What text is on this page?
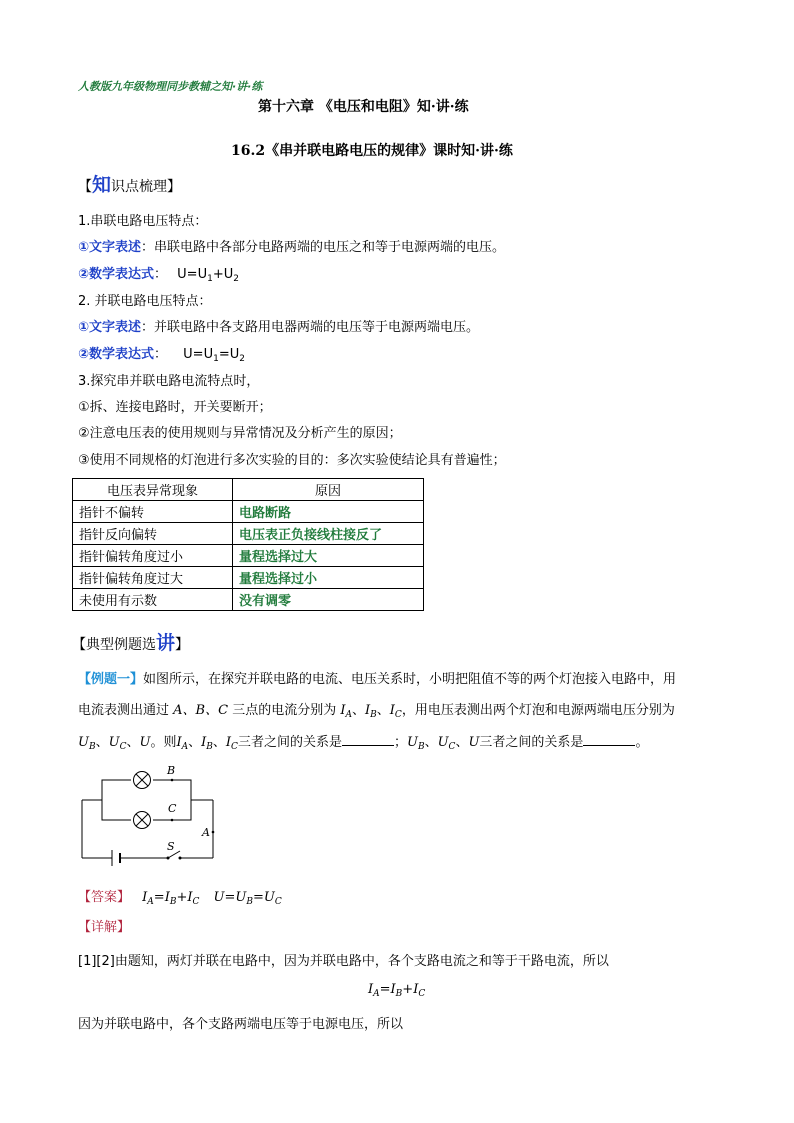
人教版九年级物理同步教辅之知·讲·练
第十六章 《电压和电阻》知·讲·练
16.2《串并联电路电压的规律》课时知·讲·练
【知识点梳理】
1.串联电路电压特点：
①文字表述：串联电路中各部分电路两端的电压之和等于电源两端的电压。
②数学表达式： $U=U_1+U_2$
2. 并联电路电压特点：
①文字表述：并联电路中各支路用电器两端的电压等于电源两端电压。
②数学表达式： $U=U_1=U_2$
3.探究串并联电路电流特点时，
①拆、连接电路时，开关要断开；
②注意电压表的使用规则与异常情况及分析产生的原因；
③使用不同规格的灯泡进行多次实验的目的：多次实验使结论具有普遍性；
电压表异常现象	原因
指针不偏转	电路断路
指针反向偏转	电压表正负接线柱接反了
指针偏转角度过小	量程选择过大
指针偏转角度过大	量程选择过小
未使用有示数	没有调零
【典型例题选讲】
【例题一】如图所示，在探究并联电路的电流、电压关系时，小明把阻值不等的两个灯泡接入电路中，用
电流表测出通过 A、B、C 三点的电流分别为 $I_A$、$I_B$、$I_C$，用电压表测出两个灯泡和电源两端电压分别为
$U_B$、$U_C$、U。则$I_A$、$I_B$、$I_C$三者之间的关系是	；$U_B$、$U_C$、U三者之间的关系是	。
B
C
A
S
【答案】 $I_A=I_B+I_C$ $U=U_B=U_C$
【详解】
[1][2]由题知，两灯并联在电路中，因为并联电路中，各个支路电流之和等于干路电流，所以
$I_A=I_B+I_C$
因为并联电路中，各个支路两端电压等于电源电压，所以
